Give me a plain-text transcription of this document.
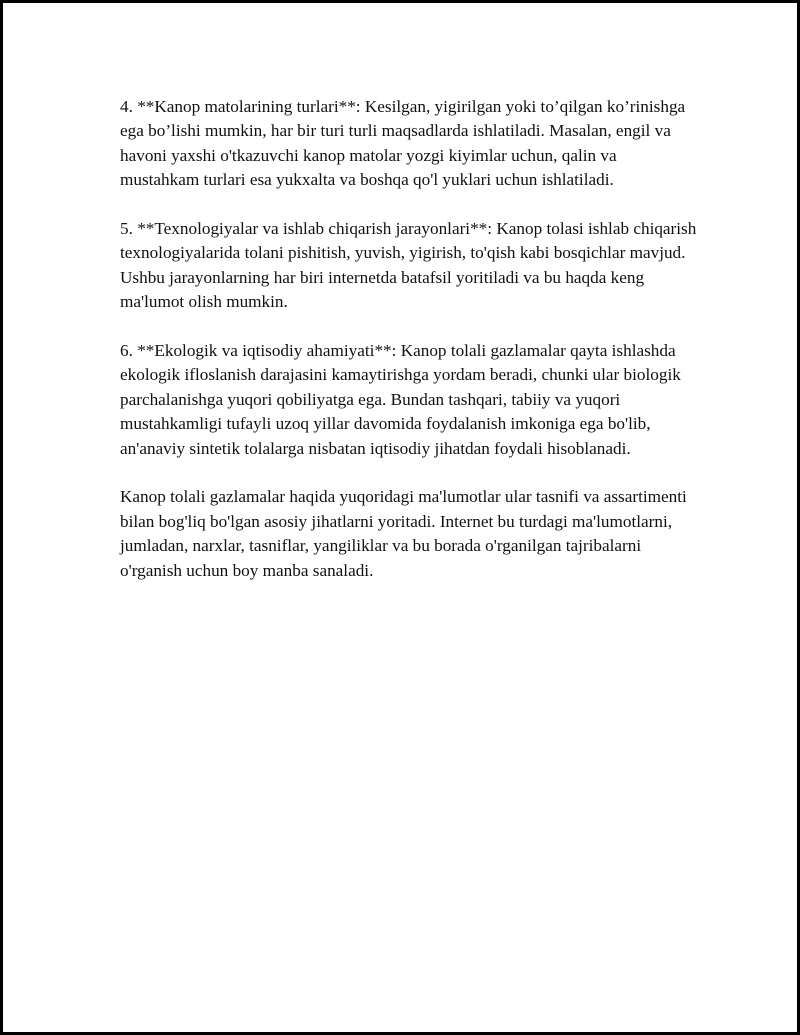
4. **Kanop matolarining turlari**: Kesilgan, yigirilgan yoki to’qilgan ko’rinishga ega bo’lishi mumkin, har bir turi turli maqsadlarda ishlatiladi. Masalan, engil va havoni yaxshi o'tkazuvchi kanop matolar yozgi kiyimlar uchun, qalin va mustahkam turlari esa yukxalta va boshqa qo'l yuklari uchun ishlatiladi.

5. **Texnologiyalar va ishlab chiqarish jarayonlari**: Kanop tolasi ishlab chiqarish texnologiyalarida tolani pishitish, yuvish, yigirish, to'qish kabi bosqichlar mavjud. Ushbu jarayonlarning har biri internetda batafsil yoritiladi va bu haqda keng ma'lumot olish mumkin.

6. **Ekologik va iqtisodiy ahamiyati**: Kanop tolali gazlamalar qayta ishlashda ekologik ifloslanish darajasini kamaytirishga yordam beradi, chunki ular biologik parchalanishga yuqori qobiliyatga ega. Bundan tashqari, tabiiy va yuqori mustahkamligi tufayli uzoq yillar davomida foydalanish imkoniga ega bo'lib, an'anaviy sintetik tolalarga nisbatan iqtisodiy jihatdan foydali hisoblanadi.

Kanop tolali gazlamalar haqida yuqoridagi ma'lumotlar ular tasnifi va assartimenti bilan bog'liq bo'lgan asosiy jihatlarni yoritadi. Internet bu turdagi ma'lumotlarni, jumladan, narxlar, tasniflar, yangiliklar va bu borada o'rganilgan tajribalarni o'rganish uchun boy manba sanaladi.
